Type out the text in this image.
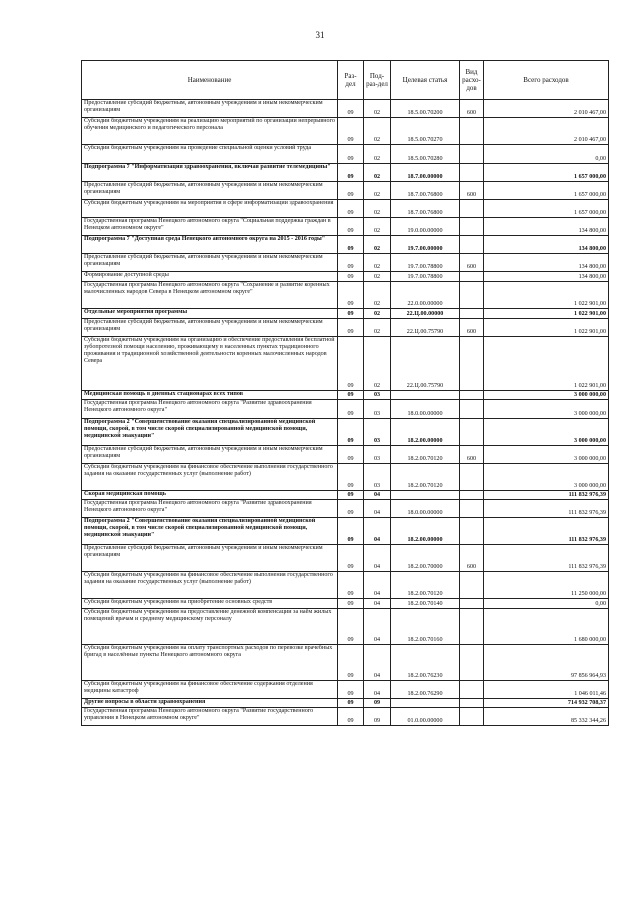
31
Наименование	Раз-дел	Под-раз-дел	Целевая статья	Вид расхо-дов	Всего расходов
Предоставление субсидий бюджетным, автономным учреждениям и иным некоммерческим организациям	09	02	18.5.00.70200	600	2 010 467,00
Субсидии бюджетным учреждениям на реализацию мероприятий по организации непрерывного обучения медицинского и педагогического персонала	09	02	18.5.00.70270		2 010 467,00
Субсидии бюджетным учреждениям на проведение специальной оценки условий труда	09	02	18.5.00.70280		0,00
Подпрограмма 7 "Информатизация здравоохранения, включая развитие телемедицины"	09	02	18.7.00.00000		1 657 000,00
Предоставление субсидий бюджетным, автономным учреждениям и иным некоммерческим организациям	09	02	18.7.00.76800	600	1 657 000,00
Субсидии бюджетным учреждениям на мероприятия в сфере информатизации здравоохранения	09	02	18.7.00.76800		1 657 000,00
Государственная программа Ненецкого автономного округа "Социальная поддержка граждан в Ненецком автономном округе"	09	02	19.0.00.00000		134 800,00
Подпрограмма 7 "Доступная среда Ненецкого автономного округа на 2015 - 2016 годы"	09	02	19.7.00.00000		134 800,00
Предоставление субсидий бюджетным, автономным учреждениям и иным некоммерческим организациям	09	02	19.7.00.78800	600	134 800,00
Формирование доступной среды	09	02	19.7.00.78800		134 800,00
Государственная программа Ненецкого автономного округа "Сохранение и развитие коренных малочисленных народов Севера в Ненецком автономном округе"	09	02	22.0.00.00000		1 022 901,00
Отдельные мероприятия программы	09	02	22.Ц.00.00000		1 022 901,00
Предоставление субсидий бюджетным, автономным учреждениям и иным некоммерческим организациям	09	02	22.Ц.00.75790	600	1 022 901,00
Субсидии бюджетным учреждениям на организацию и обеспечение предоставления бесплатной зубопротезной помощи населению, проживающему в населенных пунктах традиционного проживания и традиционной хозяйственной деятельности коренных малочисленных народов Севера	09	02	22.Ц.00.75790		1 022 901,00
Медицинская помощь в дневных стационарах всех типов	09	03			3 000 000,00
Государственная программа Ненецкого автономного округа "Развитие здравоохранения Ненецкого автономного округа"	09	03	18.0.00.00000		3 000 000,00
Подпрограмма 2 "Совершенствование оказания специализированной медицинской помощи, скорой, в том числе скорой специализированной медицинской помощи, медицинской эвакуации"	09	03	18.2.00.00000		3 000 000,00
Предоставление субсидий бюджетным, автономным учреждениям и иным некоммерческим организациям	09	03	18.2.00.70120	600	3 000 000,00
Субсидии бюджетным учреждениям на финансовое обеспечение выполнения государственного задания на оказание государственных услуг (выполнение работ)	09	03	18.2.00.70120		3 000 000,00
Скорая медицинская помощь	09	04			111 832 976,39
Государственная программа Ненецкого автономного округа "Развитие здравоохранения Ненецкого автономного округа"	09	04	18.0.00.00000		111 832 976,39
Подпрограмма 2 "Совершенствование оказания специализированной медицинской помощи, скорой, в том числе скорой специализированной медицинской помощи, медицинской эвакуации"	09	04	18.2.00.00000		111 832 976,39
Предоставление субсидий бюджетным, автономным учреждениям и иным некоммерческим организациям	09	04	18.2.00.70000	600	111 832 976,39
Субсидии бюджетным учреждениям на финансовое обеспечение выполнения государственного задания на оказание государственных услуг (выполнение работ)	09	04	18.2.00.70120		11 250 000,00
Субсидии бюджетным учреждениям на приобретение основных средств	09	04	18.2.00.70140		0,00
Субсидии бюджетным учреждениям на предоставление денежной компенсации за наём жилых помещений врачам и среднему медицинскому персоналу	09	04	18.2.00.70160		1 680 000,00
Субсидии бюджетным учреждениям на оплату транспортных расходов по перевозке врачебных бригад в населённые пункты Ненецкого автономного округа	09	04	18.2.00.76230		97 856 964,93
Субсидии бюджетным учреждениям на финансовое обеспечение содержания отделения медицины катастроф	09	04	18.2.00.76290		1 046 011,46
Другие вопросы в области здравоохранения	09	09			714 932 708,37
Государственная программа Ненецкого автономного округа "Развитие государственного управления в Ненецком автономном округе"	09	09	01.0.00.00000		85 332 344,26
